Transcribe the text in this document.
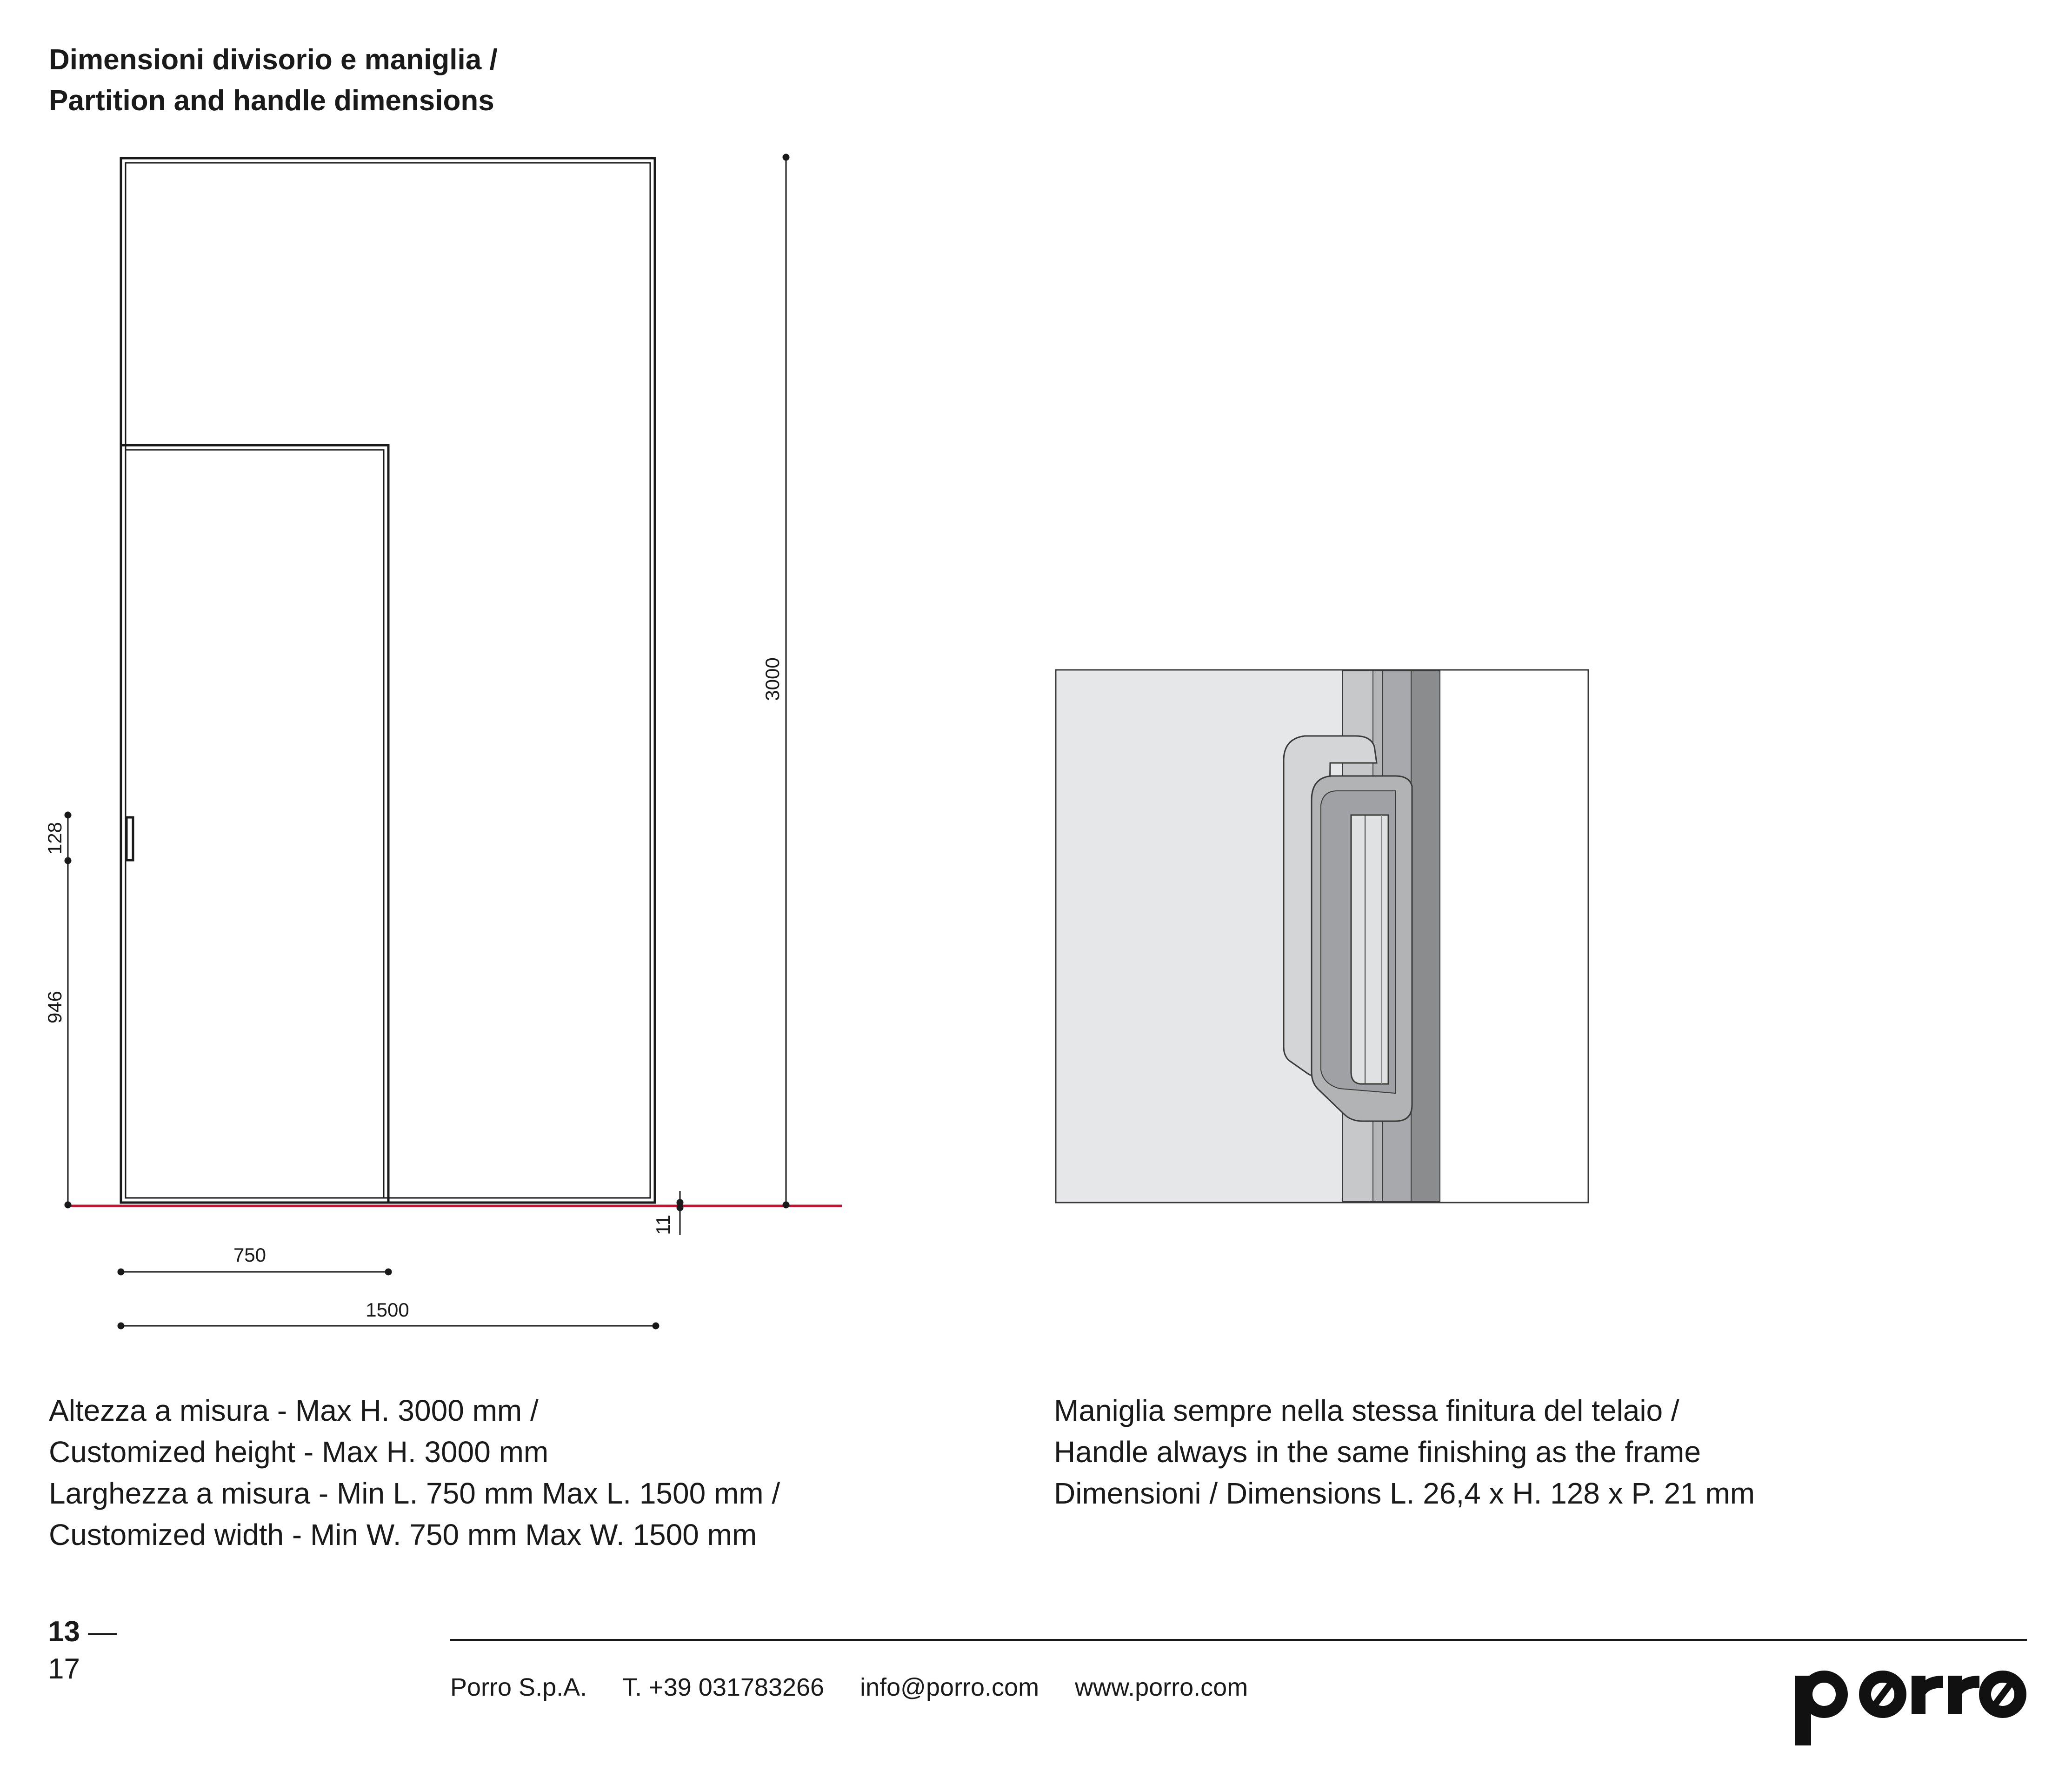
Dimensioni divisorio e maniglia /
Partition and handle dimensions
3000
128
946
11
750
1500
Altezza a misura - Max H. 3000 mm /
Customized height - Max H. 3000 mm
Larghezza a misura - Min L. 750 mm Max L. 1500 mm /
Customized width - Min W. 750 mm Max W. 1500 mm
Maniglia sempre nella stessa finitura del telaio /
Handle always in the same finishing as the frame
Dimensioni / Dimensions L. 26,4 x H. 128 x P. 21 mm
13 —
17
Porro S.p.A. T. +39 031783266 info@porro.com www.porro.com
